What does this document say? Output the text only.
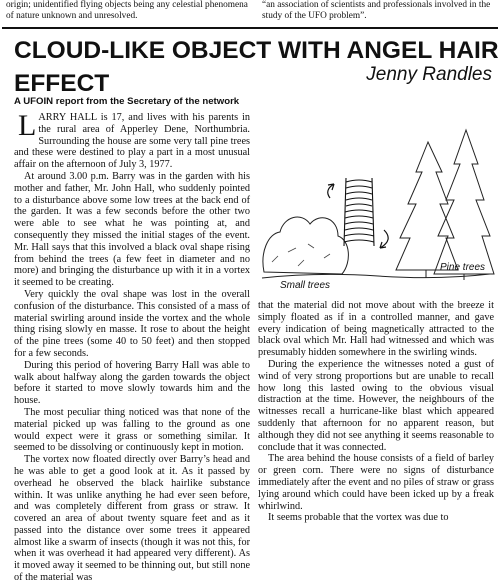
origin; unidentified flying objects being any celestial phenomena of nature unknown and unresolved.
“an association of scientists and professionals involved in the study of the UFO problem”.
CLOUD-LIKE OBJECT WITH ANGEL HAIR EFFECT	Jenny Randles
A UFOIN report from the Secretary of the network

LARRY HALL is 17, and lives with his parents in the rural area of Apperley Dene, Northumbria. Surrounding the house are some very tall pine trees and these were destined to play a part in a most unusual affair on the afternoon of July 3, 1977.

At around 3.00 p.m. Barry was in the garden with his mother and father, Mr. John Hall, who suddenly pointed to a disturbance above some low trees at the back end of the garden. It was a few seconds before the other two were able to see what he was pointing at, and consequently they missed the initial stages of the event. Mr. Hall says that this involved a black oval shape rising from behind the trees (a few feet in diameter and no more) and bringing the disturbance up with it in a vortex it seemed to be creating.

Very quickly the oval shape was lost in the overall confusion of the disturbance. This consisted of a mass of material swirling around inside the vortex and the whole thing rising slowly en masse. It rose to about the height of the pine trees (some 40 to 50 feet) and then stopped for a few seconds.

During this period of hovering Barry Hall was able to walk about halfway along the garden towards the object before it started to move slowly towards him and the house.

The most peculiar thing noticed was that none of the material picked up was falling to the ground as one would expect were it grass or something similar. It seemed to be dissolving or continuously kept in motion.

The vortex now floated directly over Barry’s head and he was able to get a good look at it. As it passed by overhead he observed the black hairlike substance within. It was unlike anything he had ever seen before, and was completely different from grass or straw. It covered an area of about twenty square feet and as it passed into the distance over some trees it appeared almost like a swarm of insects (though it was not this, for when it was overhead it had appeared very different). As it moved away it seemed to be thinning out, but still none of the material was

Small trees
Pine trees

that the material did not move about with the breeze it simply floated as if in a controlled manner, and gave every indication of being magnetically attracted to the black oval which Mr. Hall had witnessed and which was presumably hidden somewhere in the swirling winds.

During the experience the witnesses noted a gust of wind of very strong proportions but are unable to recall how long this lasted owing to the obvious visual distraction at the time. However, the neighbours of the witnesses recall a hurricane-like blast which appeared suddenly that afternoon for no apparent reason, but although they did not see anything it seems reasonable to conclude that it was connected.

The area behind the house consists of a field of barley or green corn. There were no signs of disturbance immediately after the event and no piles of straw or grass lying around which could have been icked up by a freak whirlwind.

It seems probable that the vortex was due to
